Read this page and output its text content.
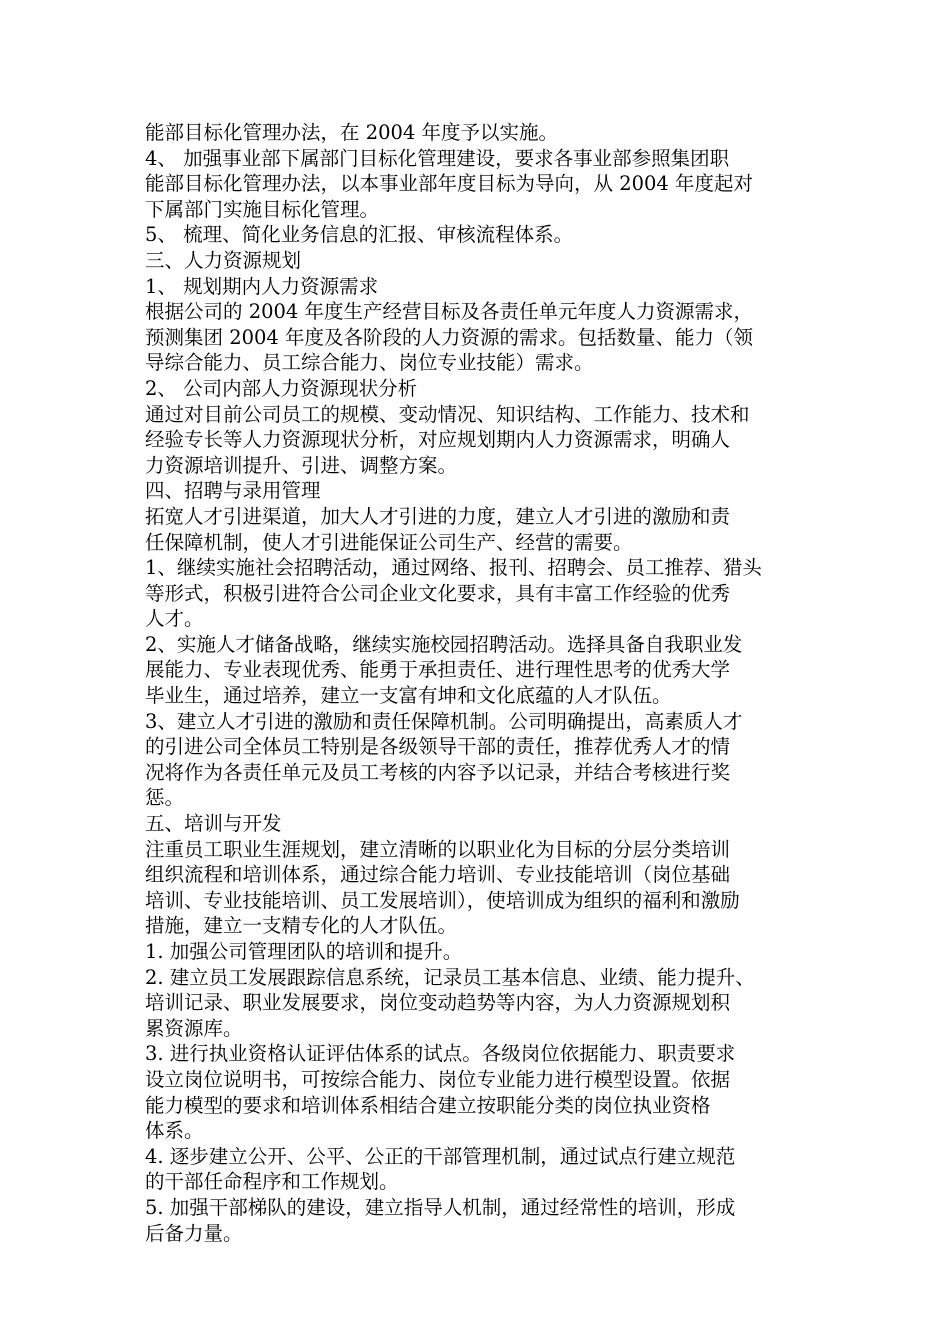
能部目标化管理办法，在 2004 年度予以实施。
4、 加强事业部下属部门目标化管理建设，要求各事业部参照集团职
能部目标化管理办法，以本事业部年度目标为导向，从 2004 年度起对
下属部门实施目标化管理。
5、 梳理、简化业务信息的汇报、审核流程体系。
三、人力资源规划
1、 规划期内人力资源需求
根据公司的 2004 年度生产经营目标及各责任单元年度人力资源需求，
预测集团 2004 年度及各阶段的人力资源的需求。包括数量、能力（领
导综合能力、员工综合能力、岗位专业技能）需求。
2、 公司内部人力资源现状分析
通过对目前公司员工的规模、变动情况、知识结构、工作能力、技术和
经验专长等人力资源现状分析，对应规划期内人力资源需求，明确人
力资源培训提升、引进、调整方案。
四、招聘与录用管理
拓宽人才引进渠道，加大人才引进的力度，建立人才引进的激励和责
任保障机制，使人才引进能保证公司生产、经营的需要。
1、继续实施社会招聘活动，通过网络、报刊、招聘会、员工推荐、猎头
等形式，积极引进符合公司企业文化要求，具有丰富工作经验的优秀
人才。
2、实施人才储备战略，继续实施校园招聘活动。选择具备自我职业发
展能力、专业表现优秀、能勇于承担责任、进行理性思考的优秀大学
毕业生，通过培养，建立一支富有坤和文化底蕴的人才队伍。
3、建立人才引进的激励和责任保障机制。公司明确提出，高素质人才
的引进公司全体员工特别是各级领导干部的责任，推荐优秀人才的情
况将作为各责任单元及员工考核的内容予以记录，并结合考核进行奖
惩。
五、培训与开发
注重员工职业生涯规划，建立清晰的以职业化为目标的分层分类培训
组织流程和培训体系，通过综合能力培训、专业技能培训（岗位基础
培训、专业技能培训、员工发展培训），使培训成为组织的福利和激励
措施，建立一支精专化的人才队伍。
1. 加强公司管理团队的培训和提升。
2. 建立员工发展跟踪信息系统，记录员工基本信息、业绩、能力提升、
培训记录、职业发展要求，岗位变动趋势等内容，为人力资源规划积
累资源库。
3. 进行执业资格认证评估体系的试点。各级岗位依据能力、职责要求
设立岗位说明书，可按综合能力、岗位专业能力进行模型设置。依据
能力模型的要求和培训体系相结合建立按职能分类的岗位执业资格
体系。
4. 逐步建立公开、公平、公正的干部管理机制，通过试点行建立规范
的干部任命程序和工作规划。
5. 加强干部梯队的建设，建立指导人机制，通过经常性的培训，形成
后备力量。
